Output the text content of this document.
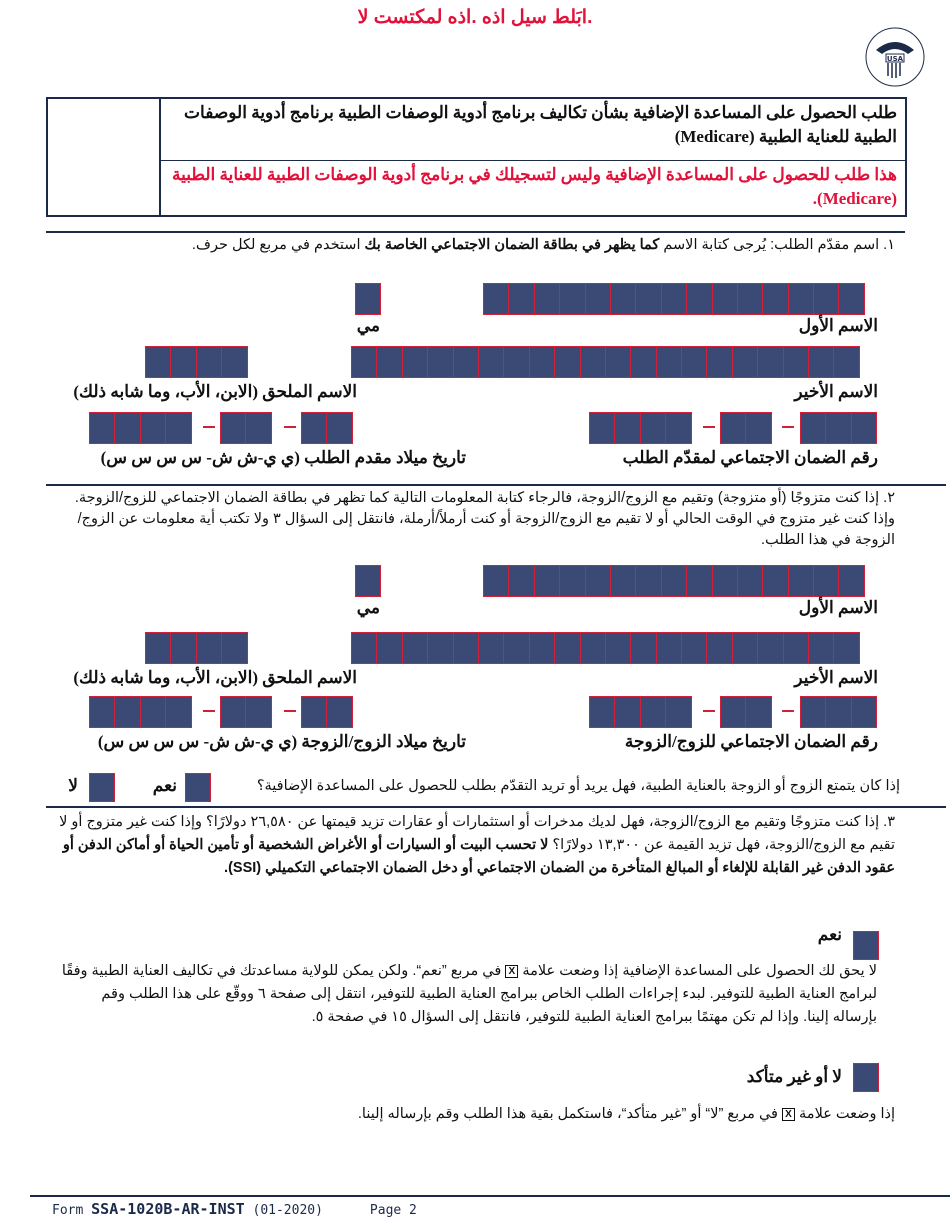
.ابَلط سيل اذه .اذه لمكتست لا
USA
طلب الحصول على المساعدة الإضافية بشأن تكاليف برنامج أدوية الوصفات الطبية برنامج أدوية الوصفات الطبية للعناية الطبية (Medicare)
هذا طلب للحصول على المساعدة الإضافية وليس لتسجيلك في برنامج أدوية الوصفات الطبية للعناية الطبية (Medicare).
١. اسم مقدّم الطلب: يُرجى كتابة الاسم كما يظهر في بطاقة الضمان الاجتماعي الخاصة بك استخدم في مربع لكل حرف.
الاسم الأول
مي
الاسم الأخير
الاسم الملحق (الابن، الأب، وما شابه ذلك)
رقم الضمان الاجتماعي لمقدّم الطلب
تاريخ ميلاد مقدم الطلب (ي ي-ش ش- س س س س)
٢. إذا كنت متزوجًا (أو متزوجة) وتقيم مع الزوج/الزوجة، فالرجاء كتابة المعلومات التالية كما تظهر في بطاقة الضمان الاجتماعي للزوج/الزوجة. وإذا كنت غير متزوج في الوقت الحالي أو لا تقيم مع الزوج/الزوجة أو كنت أرملاً/أرملة، فانتقل إلى السؤال ٣ ولا تكتب أية معلومات عن الزوج/الزوجة في هذا الطلب.
الاسم الأول
مي
الاسم الأخير
الاسم الملحق (الابن، الأب، وما شابه ذلك)
رقم الضمان الاجتماعي للزوج/الزوجة
تاريخ ميلاد الزوج/الزوجة (ي ي-ش ش- س س س س)
إذا كان يتمتع الزوج أو الزوجة بالعناية الطبية، فهل يريد أو تريد التقدّم بطلب للحصول على المساعدة الإضافية؟
نعم
لا
٣. إذا كنت متزوجًا وتقيم مع الزوج/الزوجة، فهل لديك مدخرات أو استثمارات أو عقارات تزيد قيمتها عن ٢٦,٥٨٠ دولارًا؟ وإذا كنت غير متزوج أو لا تقيم مع الزوج/الزوجة، فهل تزيد القيمة عن ١٣,٣٠٠ دولارًا؟ لا تحسب البيت أو السيارات أو الأغراض الشخصية أو تأمين الحياة أو أماكن الدفن أو عقود الدفن غير القابلة للإلغاء أو المبالغ المتأخرة من الضمان الاجتماعي أو دخل الضمان الاجتماعي التكميلي (SSI).
نعم
لا يحق لك الحصول على المساعدة الإضافية إذا وضعت علامة X في مربع ”نعم“. ولكن يمكن للولاية مساعدتك في تكاليف العناية الطبية وفقًا لبرامج العناية الطبية للتوفير. لبدء إجراءات الطلب الخاص ببرامج العناية الطبية للتوفير، انتقل إلى صفحة ٦ ووقّع على هذا الطلب وقم بإرساله إلينا. وإذا لم تكن مهتمًا ببرامج العناية الطبية للتوفير، فانتقل إلى السؤال ١٥ في صفحة ٥.
لا أو غير متأكد
إذا وضعت علامة X في مربع ”لا“ أو ”غير متأكد“، فاستكمل بقية هذا الطلب وقم بإرساله إلينا.
Form SSA-1020B-AR-INST (01-2020)	Page 2
